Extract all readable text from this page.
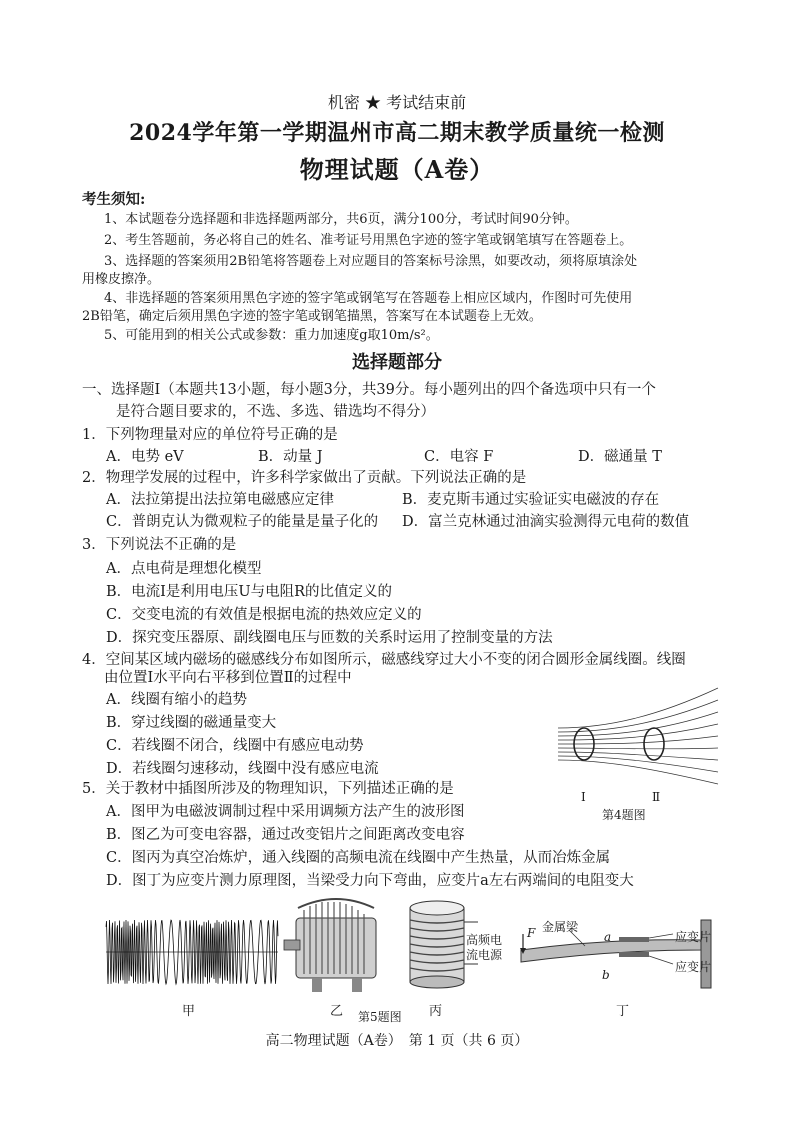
机密 ★ 考试结束前
2024学年第一学期温州市高二期末教学质量统一检测
物理试题（A卷）
考生须知:
1、本试题卷分选择题和非选择题两部分，共6页，满分100分，考试时间90分钟。
2、考生答题前，务必将自己的姓名、准考证号用黑色字迹的签字笔或钢笔填写在答题卷上。
3、选择题的答案须用2B铅笔将答题卷上对应题目的答案标号涂黑，如要改动，须将原填涂处
用橡皮擦净。
4、非选择题的答案须用黑色字迹的签字笔或钢笔写在答题卷上相应区域内，作图时可先使用
2B铅笔，确定后须用黑色字迹的签字笔或钢笔描黑，答案写在本试题卷上无效。
5、可能用到的相关公式或参数：重力加速度g取10m/s²。
选择题部分
一、选择题Ⅰ（本题共13小题，每小题3分，共39分。每小题列出的四个备选项中只有一个
是符合题目要求的，不选、多选、错选均不得分）
1．下列物理量对应的单位符号正确的是
A．电势 eV	B．动量 J	C．电容 F	D．磁通量 T
2．物理学发展的过程中，许多科学家做出了贡献。下列说法正确的是
A．法拉第提出法拉第电磁感应定律	B．麦克斯韦通过实验证实电磁波的存在
C．普朗克认为微观粒子的能量是量子化的 D．富兰克林通过油滴实验测得元电荷的数值
3．下列说法不正确的是
A．点电荷是理想化模型
B．电流I是利用电压U与电阻R的比值定义的
C．交变电流的有效值是根据电流的热效应定义的
D．探究变压器原、副线圈电压与匝数的关系时运用了控制变量的方法
4．空间某区域内磁场的磁感线分布如图所示，磁感线穿过大小不变的闭合圆形金属线圈。线圈
由位置Ⅰ水平向右平移到位置Ⅱ的过程中
A．线圈有缩小的趋势
B．穿过线圈的磁通量变大
C．若线圈不闭合，线圈中有感应电动势
D．若线圈匀速移动，线圈中没有感应电流
Ⅰ	Ⅱ
第4题图
5．关于教材中插图所涉及的物理知识，下列描述正确的是
A．图甲为电磁波调制过程中采用调频方法产生的波形图
B．图乙为可变电容器，通过改变铝片之间距离改变电容
C．图丙为真空冶炼炉，通入线圈的高频电流在线圈中产生热量，从而冶炼金属
D．图丁为应变片测力原理图，当梁受力向下弯曲，应变片a左右两端间的电阻变大
甲	乙
高频电
流电源
丙
金属梁
F	应变片
应变片
a
b
丁
第5题图
高二物理试题（A卷）　第 1 页（共 6 页）
